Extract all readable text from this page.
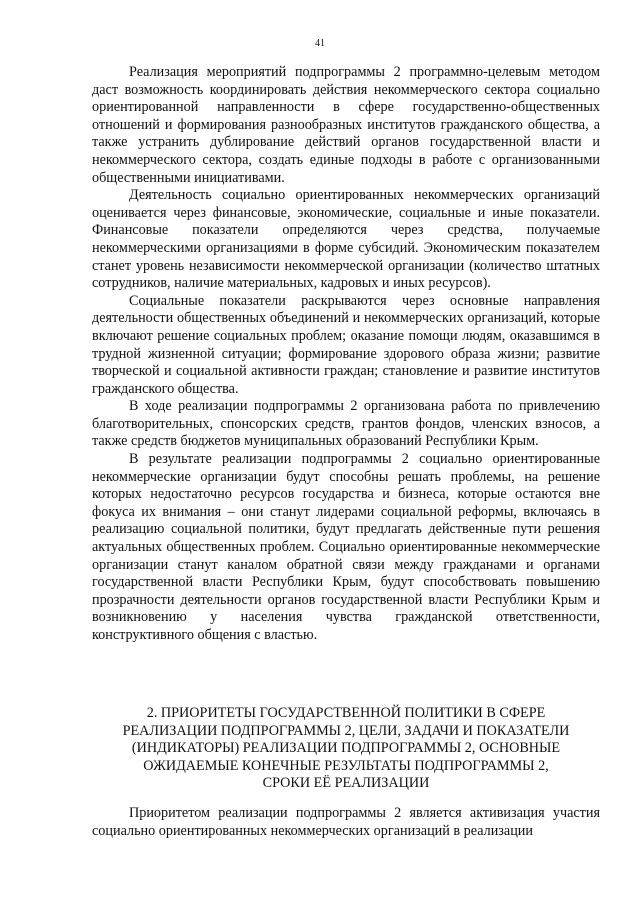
41

Реализация мероприятий подпрограммы 2 программно-целевым методом даст возможность координировать действия некоммерческого сектора социально ориентированной направленности в сфере государственно-общественных отношений и формирования разнообразных институтов гражданского общества, а также устранить дублирование действий органов государственной власти и некоммерческого сектора, создать единые подходы в работе с организованными общественными инициативами.

Деятельность социально ориентированных некоммерческих организаций оценивается через финансовые, экономические, социальные и иные показатели. Финансовые показатели определяются через средства, получаемые некоммерческими организациями в форме субсидий. Экономическим показателем станет уровень независимости некоммерческой организации (количество штатных сотрудников, наличие материальных, кадровых и иных ресурсов).

Социальные показатели раскрываются через основные направления деятельности общественных объединений и некоммерческих организаций, которые включают решение социальных проблем; оказание помощи людям, оказавшимся в трудной жизненной ситуации; формирование здорового образа жизни; развитие творческой и социальной активности граждан; становление и развитие институтов гражданского общества.

В ходе реализации подпрограммы 2 организована работа по привлечению благотворительных, спонсорских средств, грантов фондов, членских взносов, а также средств бюджетов муниципальных образований Республики Крым.

В результате реализации подпрограммы 2 социально ориентированные некоммерческие организации будут способны решать проблемы, на решение которых недостаточно ресурсов государства и бизнеса, которые остаются вне фокуса их внимания – они станут лидерами социальной реформы, включаясь в реализацию социальной политики, будут предлагать действенные пути решения актуальных общественных проблем. Социально ориентированные некоммерческие организации станут каналом обратной связи между гражданами и органами государственной власти Республики Крым, будут способствовать повышению прозрачности деятельности органов государственной власти Республики Крым и возникновению у населения чувства гражданской ответственности, конструктивного общения с властью.

2. ПРИОРИТЕТЫ ГОСУДАРСТВЕННОЙ ПОЛИТИКИ В СФЕРЕ
РЕАЛИЗАЦИИ ПОДПРОГРАММЫ 2, ЦЕЛИ, ЗАДАЧИ И ПОКАЗАТЕЛИ
(ИНДИКАТОРЫ) РЕАЛИЗАЦИИ ПОДПРОГРАММЫ 2, ОСНОВНЫЕ
ОЖИДАЕМЫЕ КОНЕЧНЫЕ РЕЗУЛЬТАТЫ ПОДПРОГРАММЫ 2,
СРОКИ ЕЁ РЕАЛИЗАЦИИ

Приоритетом реализации подпрограммы 2 является активизация участия социально ориентированных некоммерческих организаций в реализации
